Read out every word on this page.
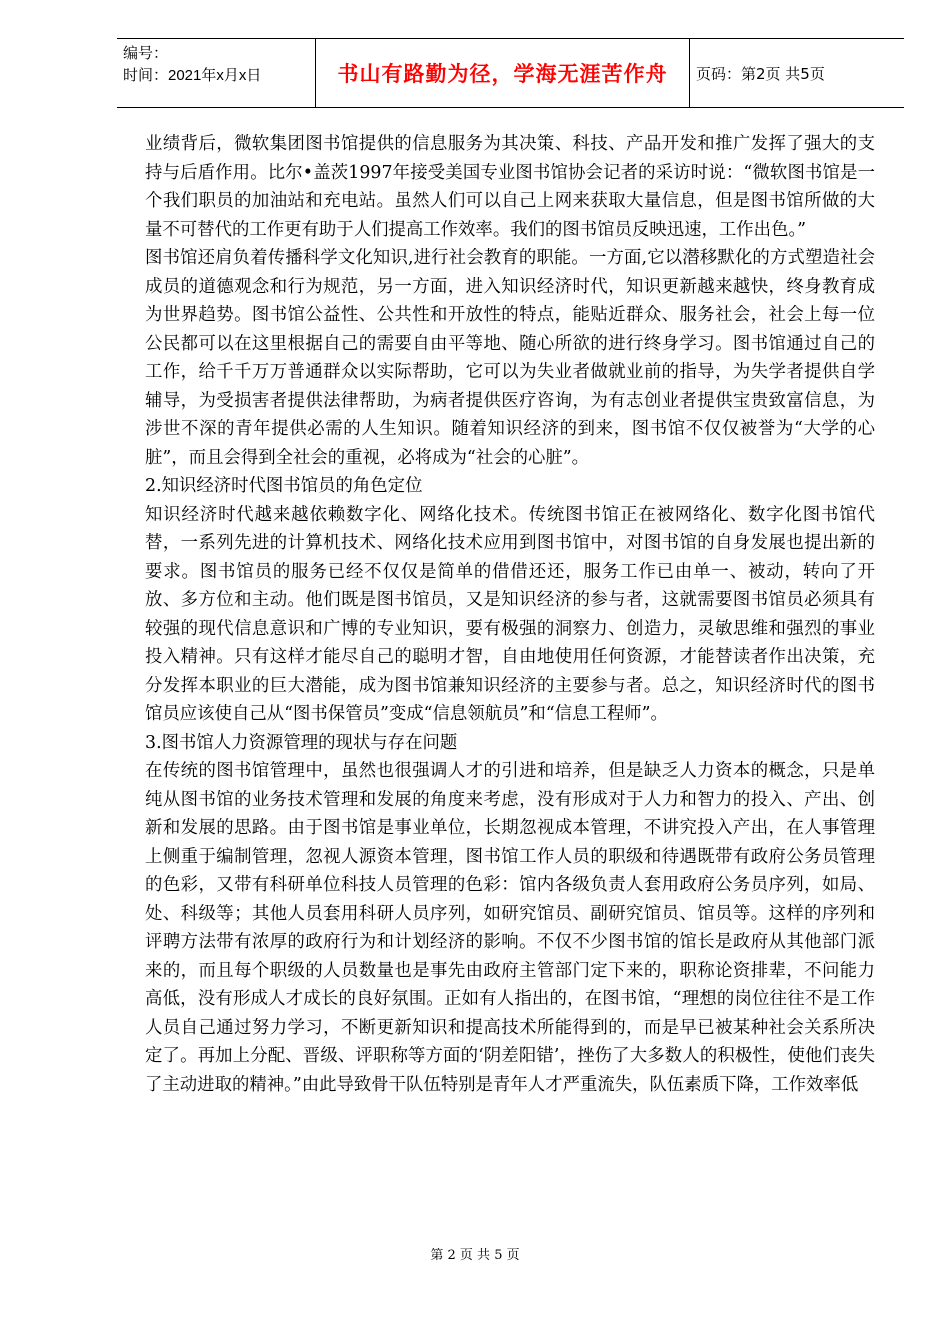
编号：
时间：2021年x月x日	书山有路勤为径，学海无涯苦作舟	页码：第2页 共5页

业绩背后，微软集团图书馆提供的信息服务为其决策、科技、产品开发和推广发挥了强大的支持与后盾作用。比尔•盖茨1997年接受美国专业图书馆协会记者的采访时说：“微软图书馆是一个我们职员的加油站和充电站。虽然人们可以自己上网来获取大量信息，但是图书馆所做的大量不可替代的工作更有助于人们提高工作效率。我们的图书馆员反映迅速，工作出色。”

图书馆还肩负着传播科学文化知识,进行社会教育的职能。一方面,它以潜移默化的方式塑造社会成员的道德观念和行为规范，另一方面，进入知识经济时代，知识更新越来越快，终身教育成为世界趋势。图书馆公益性、公共性和开放性的特点，能贴近群众、服务社会，社会上每一位公民都可以在这里根据自己的需要自由平等地、随心所欲的进行终身学习。图书馆通过自己的工作，给千千万万普通群众以实际帮助，它可以为失业者做就业前的指导，为失学者提供自学辅导，为受损害者提供法律帮助，为病者提供医疗咨询，为有志创业者提供宝贵致富信息，为涉世不深的青年提供必需的人生知识。随着知识经济的到来，图书馆不仅仅被誉为“大学的心脏”，而且会得到全社会的重视，必将成为“社会的心脏”。

2.知识经济时代图书馆员的角色定位

知识经济时代越来越依赖数字化、网络化技术。传统图书馆正在被网络化、数字化图书馆代替，一系列先进的计算机技术、网络化技术应用到图书馆中，对图书馆的自身发展也提出新的要求。图书馆员的服务已经不仅仅是简单的借借还还，服务工作已由单一、被动，转向了开放、多方位和主动。他们既是图书馆员，又是知识经济的参与者，这就需要图书馆员必须具有较强的现代信息意识和广博的专业知识，要有极强的洞察力、创造力，灵敏思维和强烈的事业投入精神。只有这样才能尽自己的聪明才智，自由地使用任何资源，才能替读者作出决策，充分发挥本职业的巨大潜能，成为图书馆兼知识经济的主要参与者。总之，知识经济时代的图书馆员应该使自己从“图书保管员”变成“信息领航员”和“信息工程师”。

3.图书馆人力资源管理的现状与存在问题

在传统的图书馆管理中，虽然也很强调人才的引进和培养，但是缺乏人力资本的概念，只是单纯从图书馆的业务技术管理和发展的角度来考虑，没有形成对于人力和智力的投入、产出、创新和发展的思路。由于图书馆是事业单位，长期忽视成本管理，不讲究投入产出，在人事管理上侧重于编制管理，忽视人源资本管理，图书馆工作人员的职级和待遇既带有政府公务员管理的色彩，又带有科研单位科技人员管理的色彩：馆内各级负责人套用政府公务员序列，如局、处、科级等；其他人员套用科研人员序列，如研究馆员、副研究馆员、馆员等。这样的序列和评聘方法带有浓厚的政府行为和计划经济的影响。不仅不少图书馆的馆长是政府从其他部门派来的，而且每个职级的人员数量也是事先由政府主管部门定下来的，职称论资排辈，不问能力高低，没有形成人才成长的良好氛围。正如有人指出的，在图书馆，“理想的岗位往往不是工作人员自己通过努力学习，不断更新知识和提高技术所能得到的，而是早已被某种社会关系所决定了。再加上分配、晋级、评职称等方面的‘阴差阳错’，挫伤了大多数人的积极性，使他们丧失了主动进取的精神。”由此导致骨干队伍特别是青年人才严重流失，队伍素质下降，工作效率低

第 2 页 共 5 页
